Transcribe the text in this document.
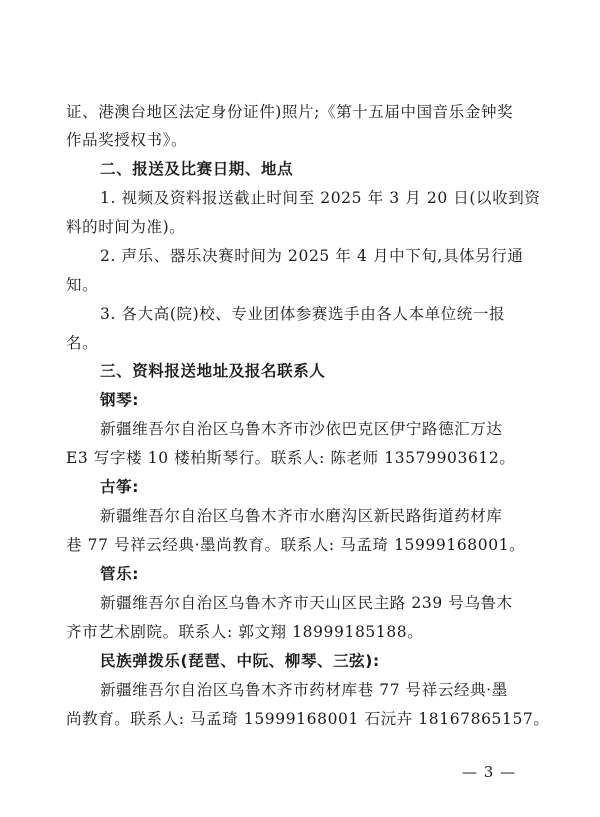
证、港澳台地区法定身份证件)照片;《第十五届中国音乐金钟奖
作品奖授权书》。
二、报送及比赛日期、地点
1. 视频及资料报送截止时间至 2025 年 3 月 20 日(以收到资
料的时间为准)。
2. 声乐、器乐决赛时间为 2025 年 4 月中下旬,具体另行通
知。
3. 各大高(院)校、专业团体参赛选手由各人本单位统一报
名。
三、资料报送地址及报名联系人
钢琴:
新疆维吾尔自治区乌鲁木齐市沙依巴克区伊宁路德汇万达
E3 写字楼 10 楼柏斯琴行。联系人: 陈老师 13579903612。
古筝:
新疆维吾尔自治区乌鲁木齐市水磨沟区新民路街道药材库
巷 77 号祥云经典·墨尚教育。联系人: 马孟琦 15999168001。
管乐:
新疆维吾尔自治区乌鲁木齐市天山区民主路 239 号乌鲁木
齐市艺术剧院。联系人: 郭文翔 18999185188。
民族弹拨乐(琵琶、中阮、柳琴、三弦):
新疆维吾尔自治区乌鲁木齐市药材库巷 77 号祥云经典·墨
尚教育。联系人: 马孟琦 15999168001 石沅卉 18167865157。
— 3 —
